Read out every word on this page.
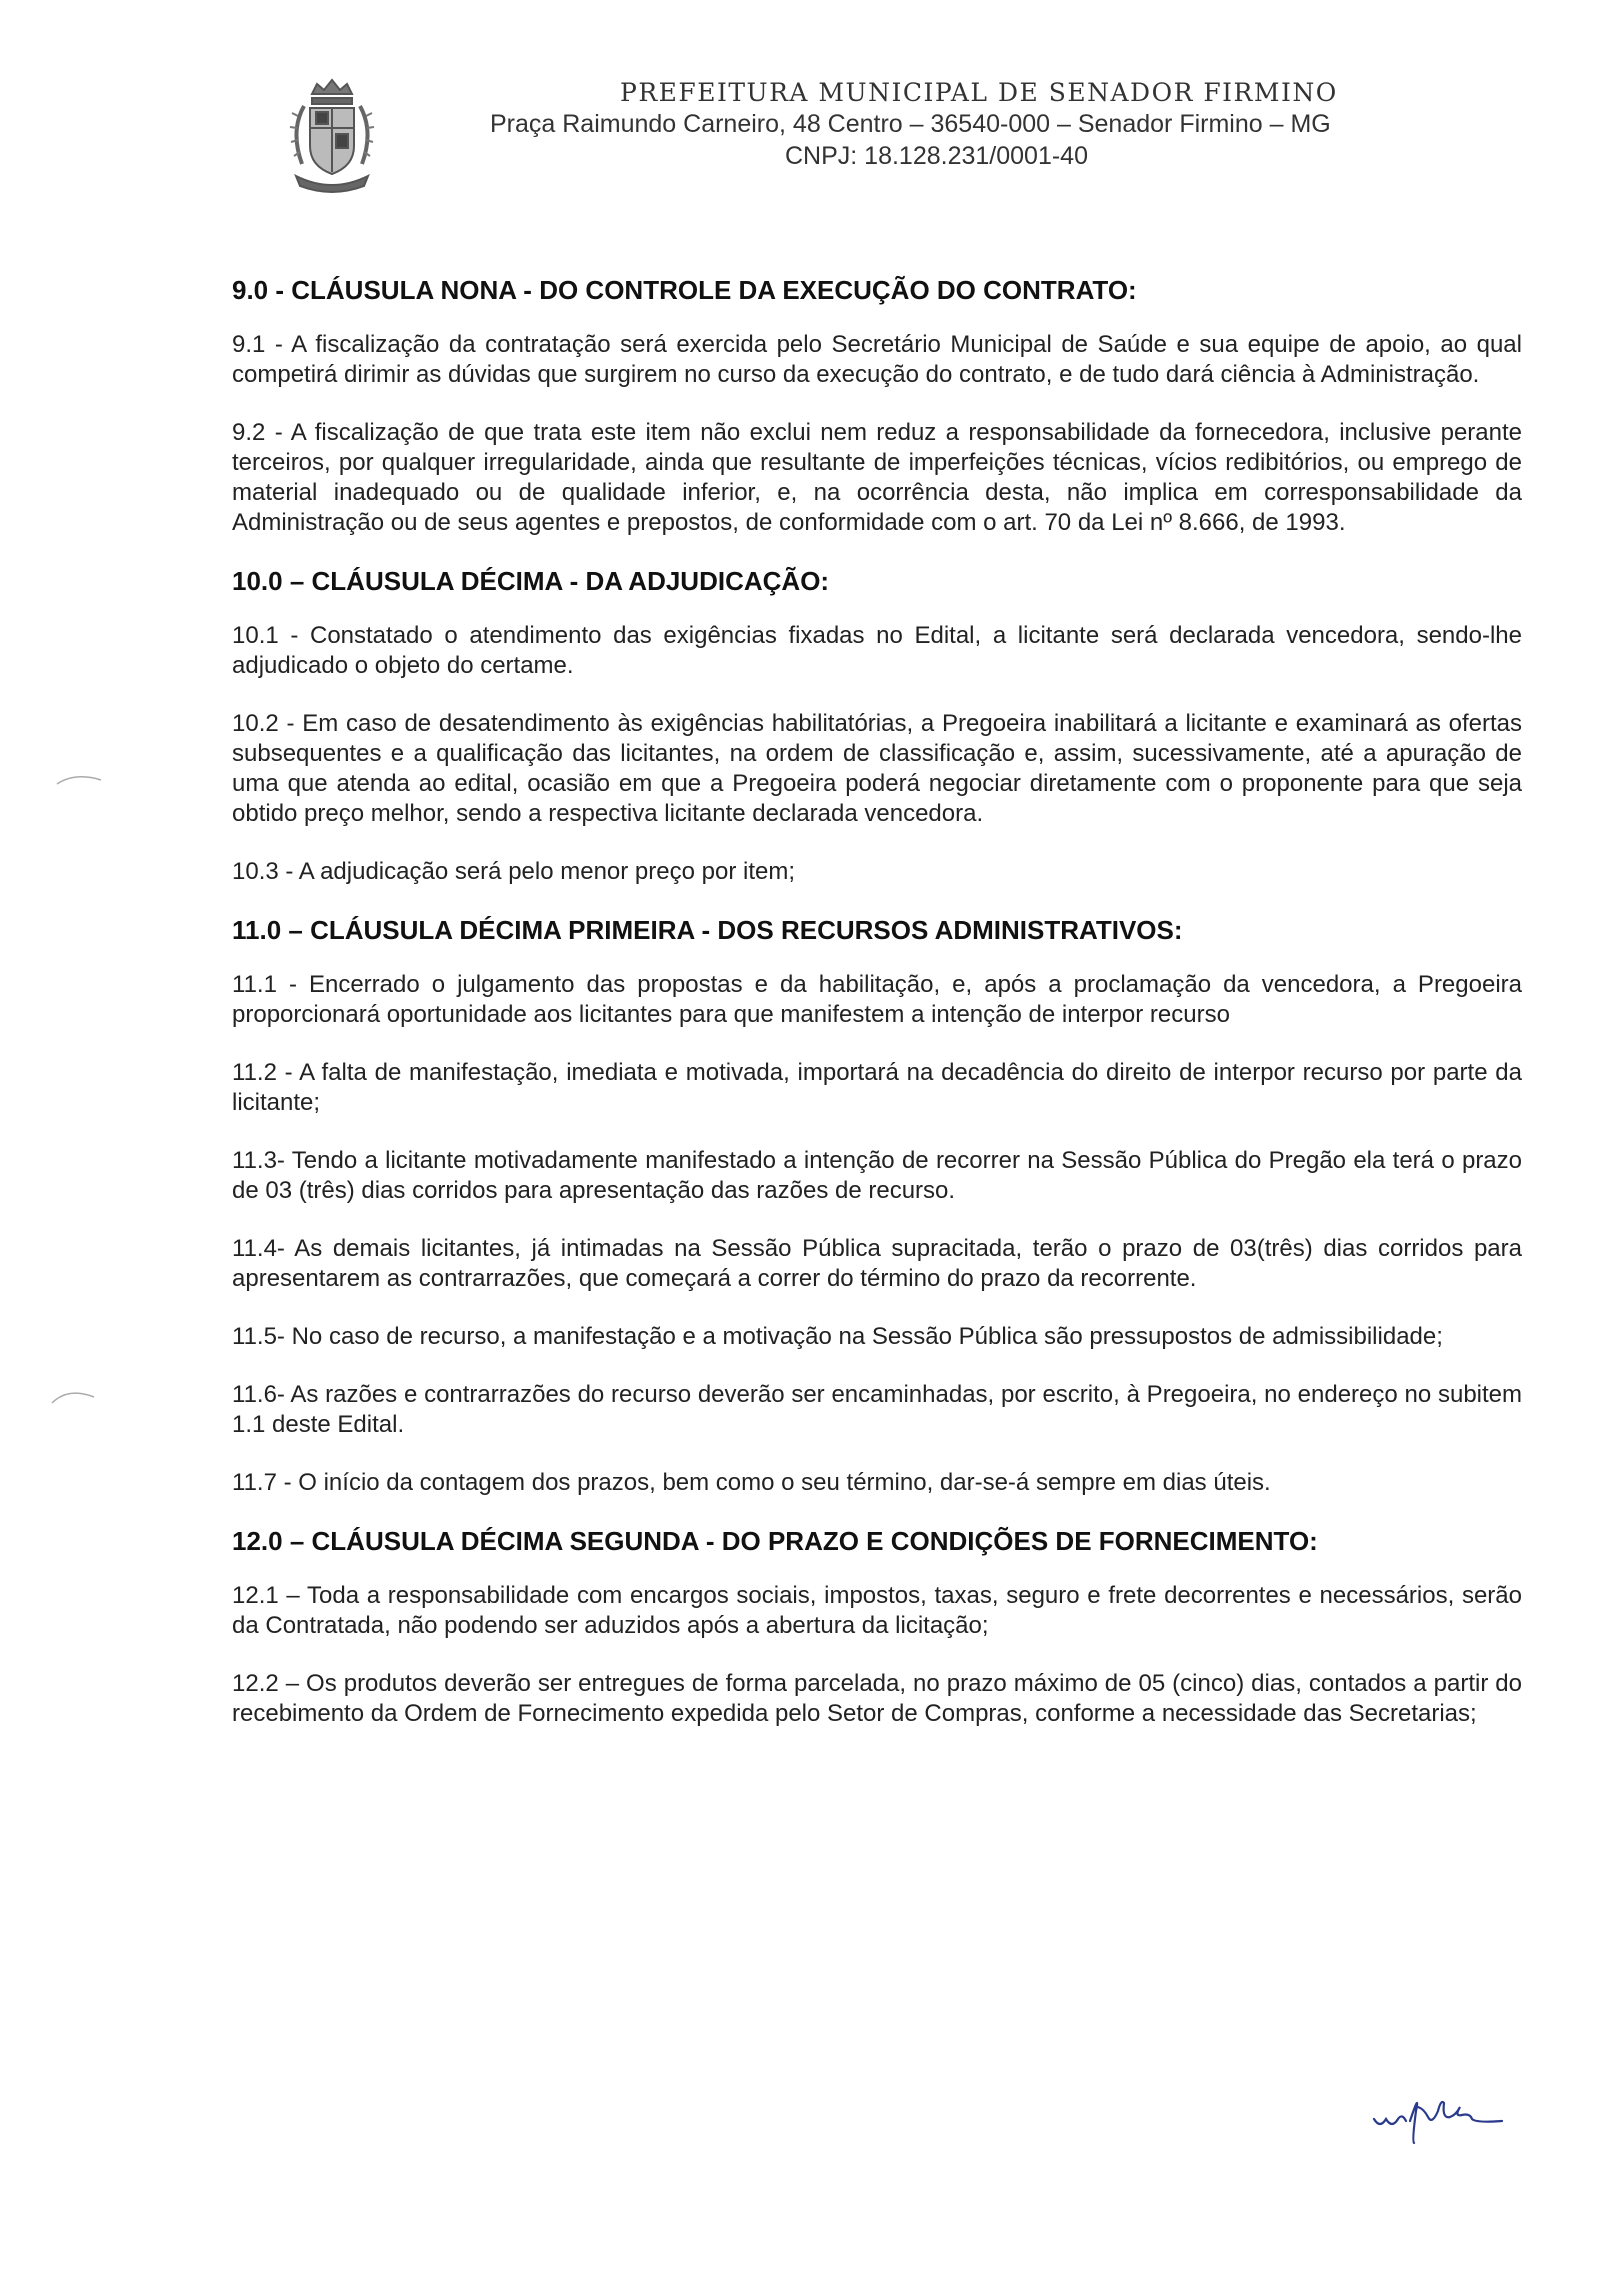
PREFEITURA MUNICIPAL DE SENADOR FIRMINO
Praça Raimundo Carneiro, 48 Centro – 36540-000 – Senador Firmino – MG
CNPJ: 18.128.231/0001-40
9.0 - CLÁUSULA NONA - DO CONTROLE DA EXECUÇÃO DO CONTRATO:

9.1 - A fiscalização da contratação será exercida pelo Secretário Municipal de Saúde e sua equipe de apoio, ao qual competirá dirimir as dúvidas que surgirem no curso da execução do contrato, e de tudo dará ciência à Administração.

9.2 - A fiscalização de que trata este item não exclui nem reduz a responsabilidade da fornecedora, inclusive perante terceiros, por qualquer irregularidade, ainda que resultante de imperfeições técnicas, vícios redibitórios, ou emprego de material inadequado ou de qualidade inferior, e, na ocorrência desta, não implica em corresponsabilidade da Administração ou de seus agentes e prepostos, de conformidade com o art. 70 da Lei nº 8.666, de 1993.

10.0 – CLÁUSULA DÉCIMA - DA ADJUDICAÇÃO:

10.1 - Constatado o atendimento das exigências fixadas no Edital, a licitante será declarada vencedora, sendo-lhe adjudicado o objeto do certame.

10.2 - Em caso de desatendimento às exigências habilitatórias, a Pregoeira inabilitará a licitante e examinará as ofertas subsequentes e a qualificação das licitantes, na ordem de classificação e, assim, sucessivamente, até a apuração de uma que atenda ao edital, ocasião em que a Pregoeira poderá negociar diretamente com o proponente para que seja obtido preço melhor, sendo a respectiva licitante declarada vencedora.

10.3 - A adjudicação será pelo menor preço por item;

11.0 – CLÁUSULA DÉCIMA PRIMEIRA - DOS RECURSOS ADMINISTRATIVOS:

11.1 - Encerrado o julgamento das propostas e da habilitação, e, após a proclamação da vencedora, a Pregoeira proporcionará oportunidade aos licitantes para que manifestem a intenção de interpor recurso

11.2 - A falta de manifestação, imediata e motivada, importará na decadência do direito de interpor recurso por parte da licitante;

11.3- Tendo a licitante motivadamente manifestado a intenção de recorrer na Sessão Pública do Pregão ela terá o prazo de 03 (três) dias corridos para apresentação das razões de recurso.

11.4- As demais licitantes, já intimadas na Sessão Pública supracitada, terão o prazo de 03(três) dias corridos para apresentarem as contrarrazões, que começará a correr do término do prazo da recorrente.

11.5- No caso de recurso, a manifestação e a motivação na Sessão Pública são pressupostos de admissibilidade;

11.6- As razões e contrarrazões do recurso deverão ser encaminhadas, por escrito, à Pregoeira, no endereço no subitem 1.1 deste Edital.

11.7 - O início da contagem dos prazos, bem como o seu término, dar-se-á sempre em dias úteis.

12.0 – CLÁUSULA DÉCIMA SEGUNDA - DO PRAZO E CONDIÇÕES DE FORNECIMENTO:

12.1 – Toda a responsabilidade com encargos sociais, impostos, taxas, seguro e frete decorrentes e necessários, serão da Contratada, não podendo ser aduzidos após a abertura da licitação;

12.2 – Os produtos deverão ser entregues de forma parcelada, no prazo máximo de 05 (cinco) dias, contados a partir do recebimento da Ordem de Fornecimento expedida pelo Setor de Compras, conforme a necessidade das Secretarias;
